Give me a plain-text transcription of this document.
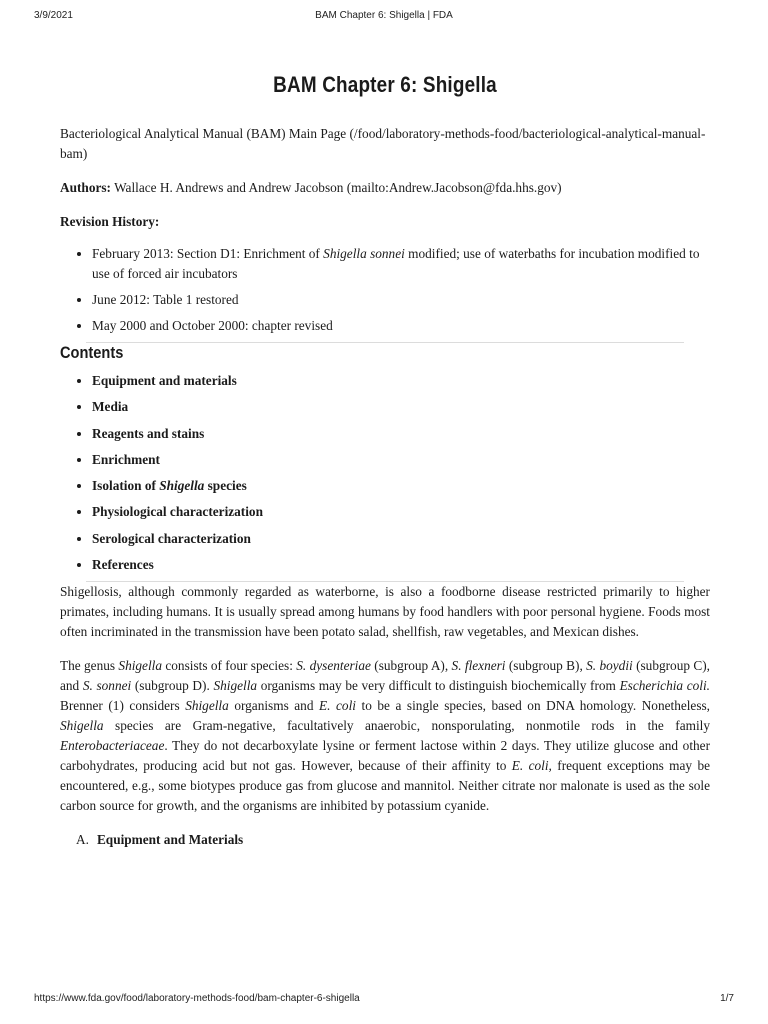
3/9/2021	BAM Chapter 6: Shigella | FDA
BAM Chapter 6: Shigella

Bacteriological Analytical Manual (BAM) Main Page (/food/laboratory-methods-food/bacteriological-analytical-manual-bam)

Authors: Wallace H. Andrews and Andrew Jacobson (mailto:Andrew.Jacobson@fda.hhs.gov)

Revision History:

• February 2013: Section D1: Enrichment of Shigella sonnei modified; use of waterbaths for incubation modified to use of forced air incubators
• June 2012: Table 1 restored
• May 2000 and October 2000: chapter revised
Contents
• Equipment and materials
• Media
• Reagents and stains
• Enrichment
• Isolation of Shigella species
• Physiological characterization
• Serological characterization
• References

Shigellosis, although commonly regarded as waterborne, is also a foodborne disease restricted primarily to higher primates, including humans. It is usually spread among humans by food handlers with poor personal hygiene. Foods most often incriminated in the transmission have been potato salad, shellfish, raw vegetables, and Mexican dishes.

The genus Shigella consists of four species: S. dysenteriae (subgroup A), S. flexneri (subgroup B), S. boydii (subgroup C), and S. sonnei (subgroup D). Shigella organisms may be very difficult to distinguish biochemically from Escherichia coli. Brenner (1) considers Shigella organisms and E. coli to be a single species, based on DNA homology. Nonetheless, Shigella species are Gram-negative, facultatively anaerobic, nonsporulating, nonmotile rods in the family Enterobacteriaceae. They do not decarboxylate lysine or ferment lactose within 2 days. They utilize glucose and other carbohydrates, producing acid but not gas. However, because of their affinity to E. coli, frequent exceptions may be encountered, e.g., some biotypes produce gas from glucose and mannitol. Neither citrate nor malonate is used as the sole carbon source for growth, and the organisms are inhibited by potassium cyanide.

A. Equipment and Materials
https://www.fda.gov/food/laboratory-methods-food/bam-chapter-6-shigella	1/7
